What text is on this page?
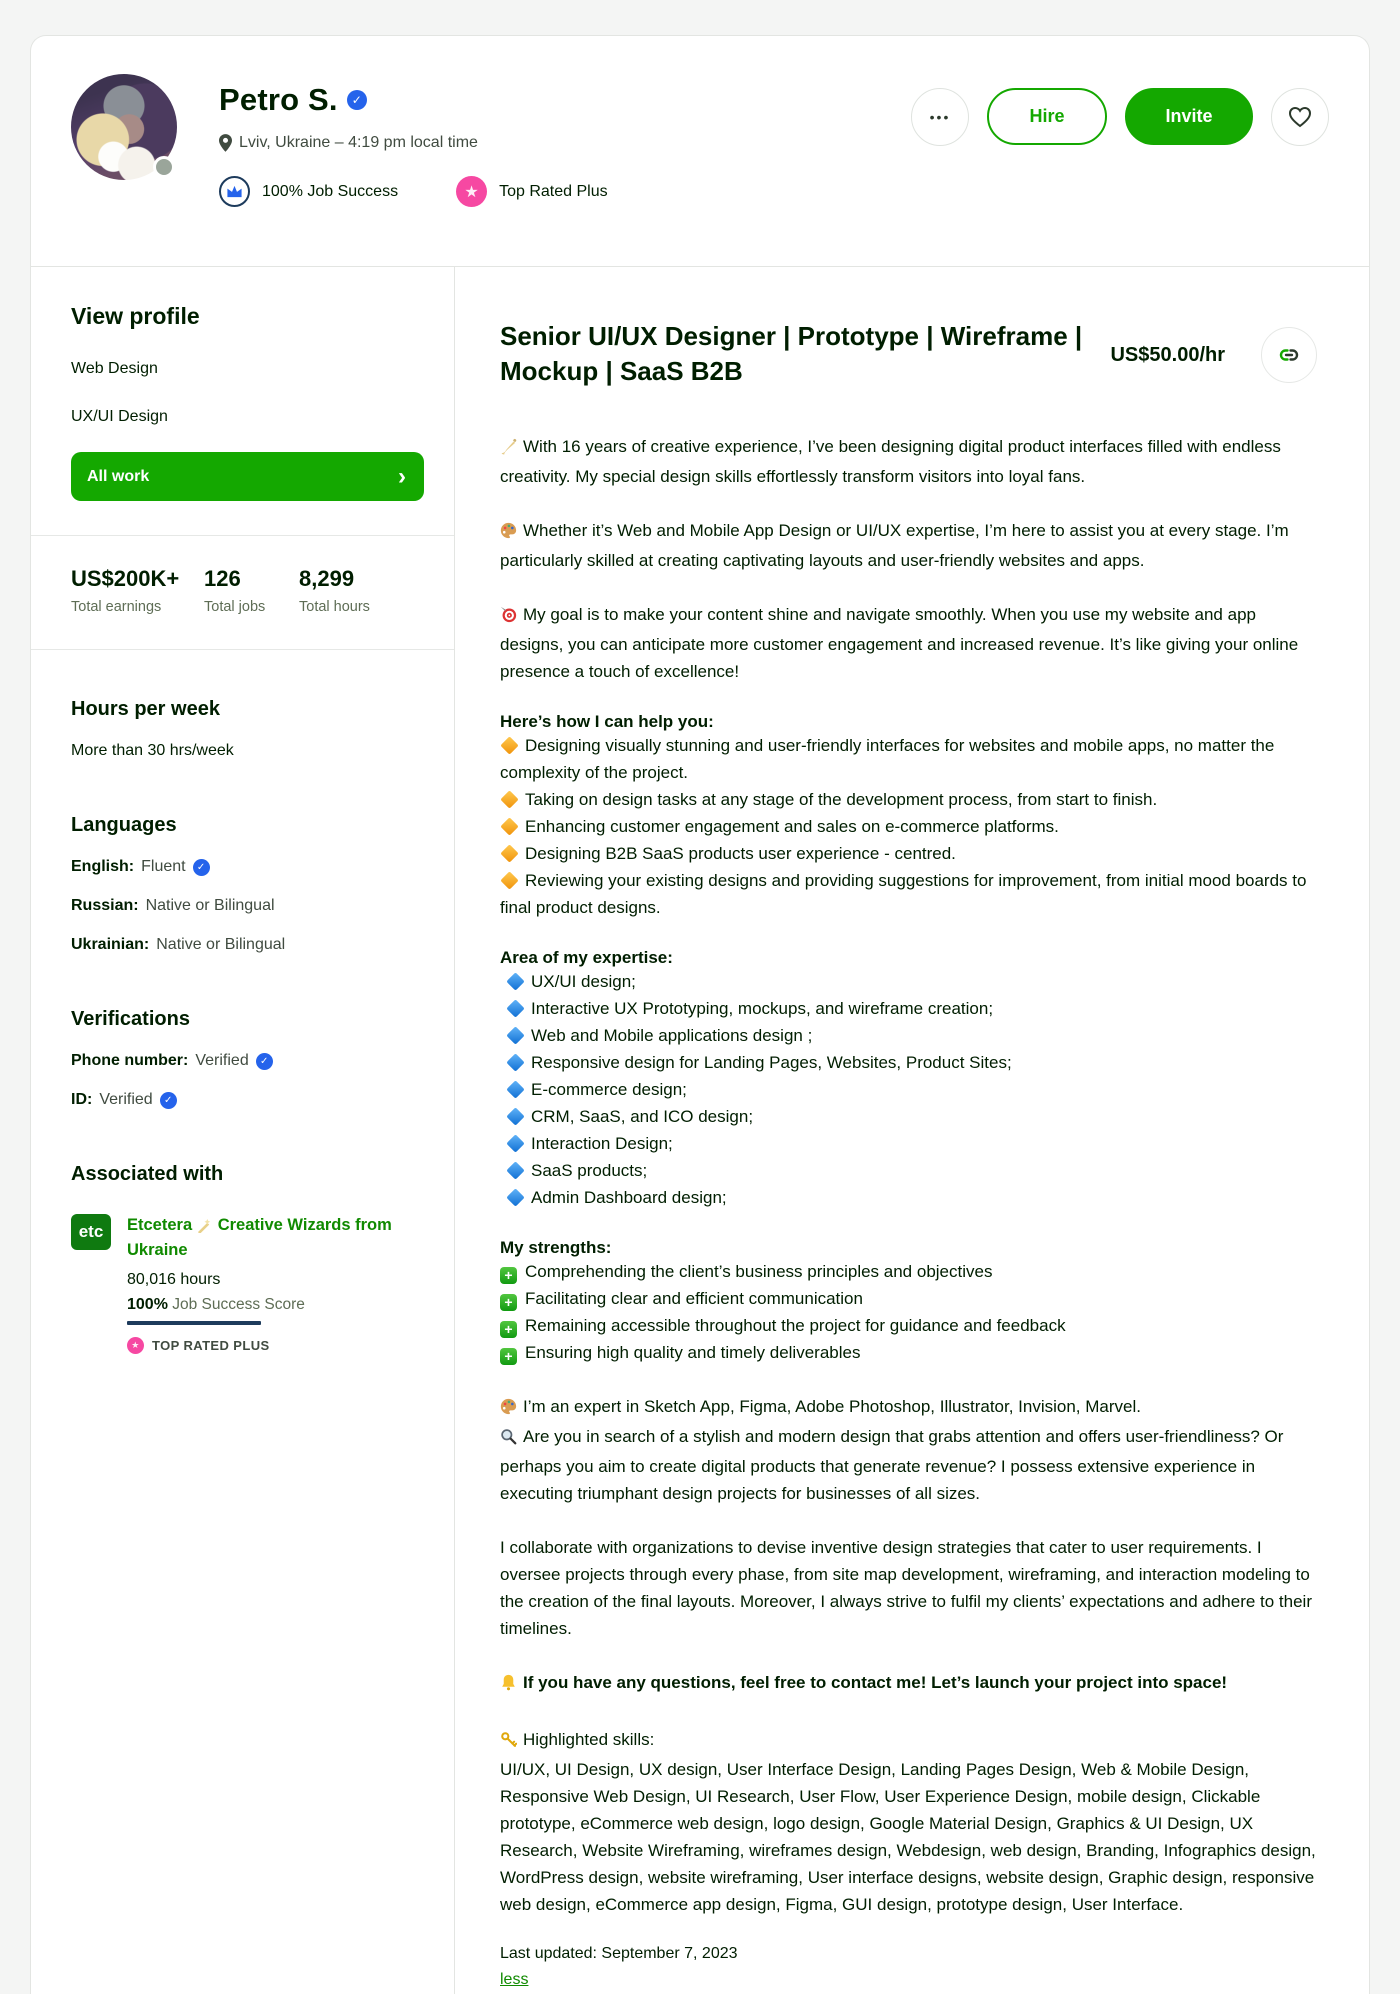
Petro S.	✓
Lviv, Ukraine – 4:19 pm local time
100% Job Success	★	Top Rated Plus
•••	Hire	Invite
View profile
Web Design
UX/UI Design
All work	›
US$200K+
Total earnings
126
Total jobs
8,299
Total hours
Hours per week
More than 30 hrs/week
Languages
English: Fluent	✓
Russian: Native or Bilingual
Ukrainian: Native or Bilingual
Verifications
Phone number: Verified	✓
ID: Verified	✓
Associated with
etc	Etcetera Creative Wizards from Ukraine
80,016 hours
100% Job Success Score
★ TOP RATED PLUS
Senior UI/UX Designer | Prototype | Wireframe | Mockup | SaaS B2B
US$50.00/hr

With 16 years of creative experience, I’ve been designing digital product interfaces filled with endless creativity. My special design skills effortlessly transform visitors into loyal fans.

Whether it’s Web and Mobile App Design or UI/UX expertise, I’m here to assist you at every stage. I’m particularly skilled at creating captivating layouts and user-friendly websites and apps.

My goal is to make your content shine and navigate smoothly. When you use my website and app designs, you can anticipate more customer engagement and increased revenue. It’s like giving your online presence a touch of excellence!

Here’s how I can help you:
Designing visually stunning and user-friendly interfaces for websites and mobile apps, no matter the complexity of the project.
Taking on design tasks at any stage of the development process, from start to finish.
Enhancing customer engagement and sales on e-commerce platforms.
Designing B2B SaaS products user experience - centred.
Reviewing your existing designs and providing suggestions for improvement, from initial mood boards to final product designs.
Area of my expertise:
UX/UI design;
Interactive UX Prototyping, mockups, and wireframe creation;
Web and Mobile applications design ;
Responsive design for Landing Pages, Websites, Product Sites;
E-commerce design;
CRM, SaaS, and ICO design;
Interaction Design;
SaaS products;
Admin Dashboard design;
My strengths:
+ Comprehending the client’s business principles and objectives
+ Facilitating clear and efficient communication
+ Remaining accessible throughout the project for guidance and feedback
+ Ensuring high quality and timely deliverables

I’m an expert in Sketch App, Figma, Adobe Photoshop, Illustrator, Invision, Marvel.
Are you in search of a stylish and modern design that grabs attention and offers user-friendliness? Or perhaps you aim to create digital products that generate revenue? I possess extensive experience in executing triumphant design projects for businesses of all sizes.

I collaborate with organizations to devise inventive design strategies that cater to user requirements. I oversee projects through every phase, from site map development, wireframing, and interaction modeling to the creation of the final layouts. Moreover, I always strive to fulfil my clients’ expectations and adhere to their timelines.

If you have any questions, feel free to contact me! Let’s launch your project into space!

Highlighted skills:
UI/UX, UI Design, UX design, User Interface Design, Landing Pages Design, Web & Mobile Design, Responsive Web Design, UI Research, User Flow, User Experience Design, mobile design, Clickable prototype, eCommerce web design, logo design, Google Material Design, Graphics & UI Design, UX Research, Website Wireframing, wireframes design, Webdesign, web design, Branding, Infographics design, WordPress design, website wireframing, User interface designs, website design, Graphic design, responsive web design, eCommerce app design, Figma, GUI design, prototype design, User Interface.

Last updated: September 7, 2023
less
